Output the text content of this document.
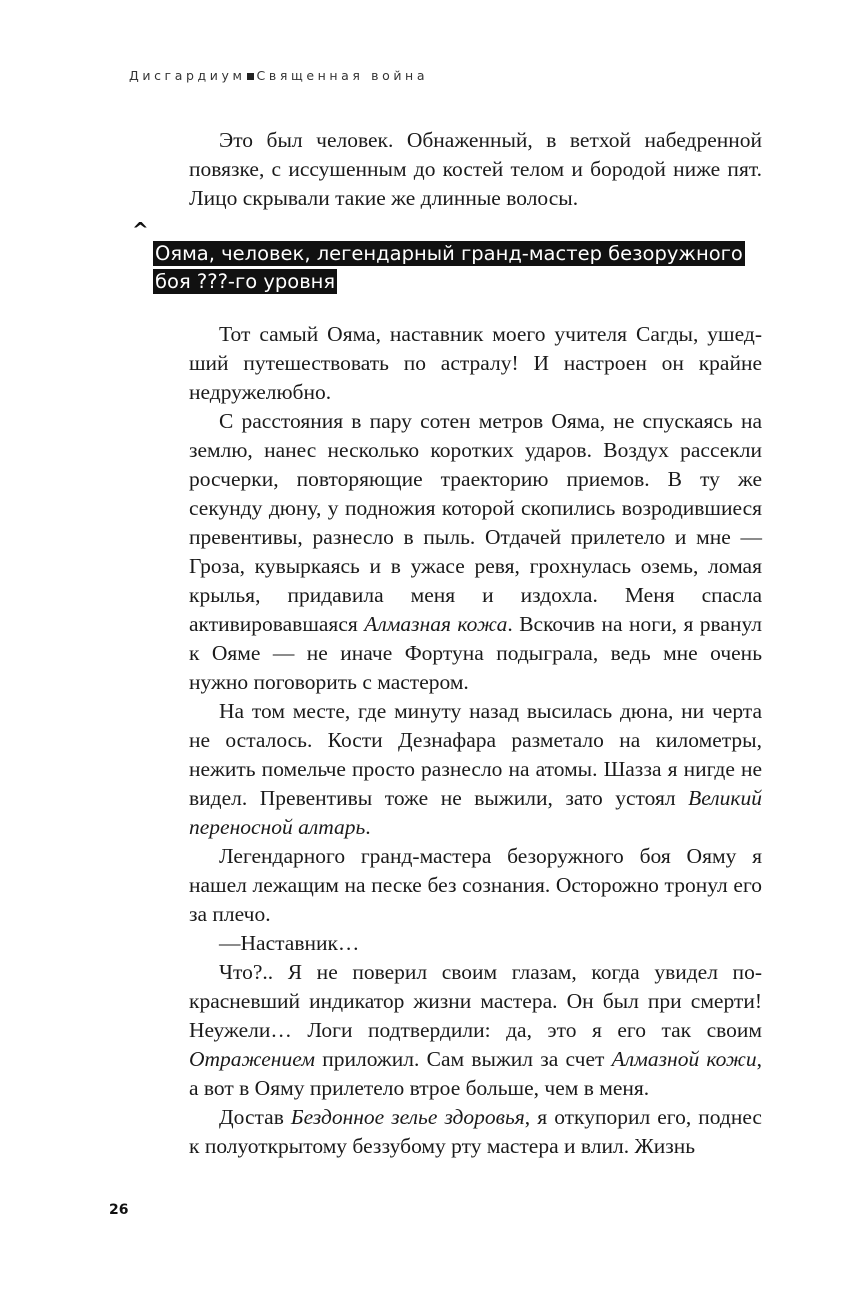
Дисгардиум Священная война

Это был человек. Обнаженный, в ветхой набедренной повязке, с иссушенным до костей телом и бородой ниже пят. Лицо скрывали такие же длинные волосы.

^
Ояма, человек, легендарный гранд-мастер безоружного боя ???-го уровня

Тот самый Ояма, наставник моего учителя Сагды, ушедший путешествовать по астралу! И настроен он крайне недружелюбно.

С расстояния в пару сотен метров Ояма, не спускаясь на землю, нанес несколько коротких ударов. Воздух рассекли росчерки, повторяющие траекторию приемов. В ту же секунду дюну, у подножия которой скопились возродившиеся превентивы, разнесло в пыль. Отдачей прилетело и мне — Гроза, кувыркаясь и в ужасе ревя, грохнулась оземь, ломая крылья, придавила меня и издохла. Меня спасла активировавшаяся Алмазная кожа. Вскочив на ноги, я рванул к Ояме — не иначе Фортуна подыграла, ведь мне очень нужно поговорить с мастером.

На том месте, где минуту назад высилась дюна, ни черта не осталось. Кости Дезнафара разметало на километры, нежить помельче просто разнесло на атомы. Шазза я нигде не видел. Превентивы тоже не выжили, зато устоял Великий переносной алтарь.

Легендарного гранд-мастера безоружного боя Ояму я нашел лежащим на песке без сознания. Осторожно тронул его за плечо.

—Наставник…

Что?.. Я не поверил своим глазам, когда увидел покрасневший индикатор жизни мастера. Он был при смерти! Неужели… Логи подтвердили: да, это я его так своим Отражением приложил. Сам выжил за счет Алмазной кожи, а вот в Ояму прилетело втрое больше, чем в меня.

Достав Бездонное зелье здоровья, я откупорил его, поднес к полуоткрытому беззубому рту мастера и влил. Жизнь

26
